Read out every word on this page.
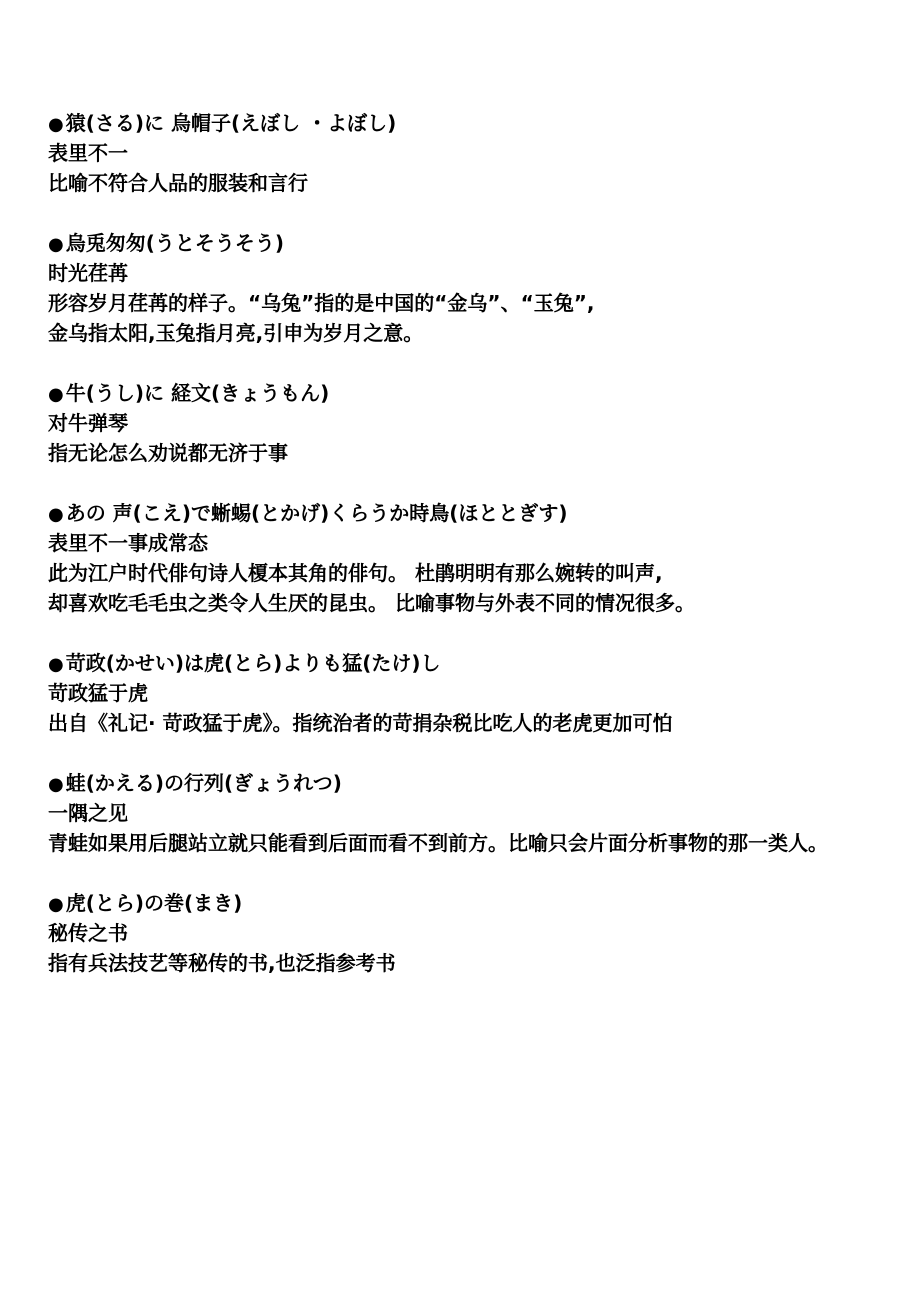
● 猿(さる)に 烏帽子(えぼし ・よぼし)
表里不一
比喻不符合人品的服装和言行
● 烏兎匆匆(うとそうそう)
时光荏苒
形容岁月荏苒的样子。“乌兔”指的是中国的“金乌”、“玉兔”,
金乌指太阳,玉兔指月亮,引申为岁月之意。
● 牛(うし)に 経文(きょうもん)
对牛弹琴
指无论怎么劝说都无济于事
● あの 声(こえ)で蜥蜴(とかげ)くらうか時鳥(ほととぎす)
表里不一事成常态
此为江户时代俳句诗人榎本其角的俳句。 杜鹃明明有那么婉转的叫声,
却喜欢吃毛毛虫之类令人生厌的昆虫。 比喻事物与外表不同的情况很多。
● 苛政(かせい)は虎(とら)よりも猛(たけ)し
苛政猛于虎
出自《礼记· 苛政猛于虎》。指统治者的苛捐杂税比吃人的老虎更加可怕
● 蛙(かえる)の行列(ぎょうれつ)
一隅之见
青蛙如果用后腿站立就只能看到后面而看不到前方。比喻只会片面分析事物的那一类人。
● 虎(とら)の巻(まき)
秘传之书
指有兵法技艺等秘传的书,也泛指参考书
